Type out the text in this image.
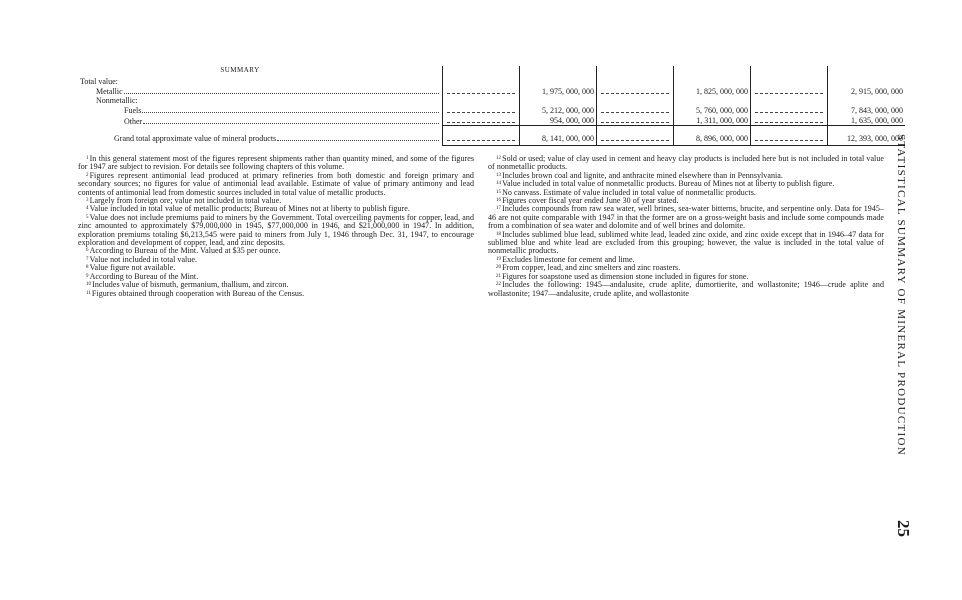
SUMMARY						

Total value:						

Metallic		1, 975, 000, 000		1, 825, 000, 000		2, 915, 000, 000
Nonmetallic:						

Fuels		5, 212, 000, 000		5, 760, 000, 000		7, 843, 000, 000

Other		954, 000, 000		1, 311, 000, 000		1, 635, 000, 000

Grand total approximate value of mineral products		8, 141, 000, 000		8, 896, 000, 000		12, 393, 000, 000

$^1$In this general statement most of the figures represent shipments rather than quantity mined, and some of the figures for 1947 are subject to revision. For details see following chapters of this volume.

$^2$Figures represent antimonial lead produced at primary refineries from both domestic and foreign primary and secondary sources; no figures for value of antimonial lead available. Estimate of value of primary antimony and lead contents of antimonial lead from domestic sources included in total value of metallic products.

$^3$Largely from foreign ore; value not included in total value.

$^4$Value included in total value of metallic products; Bureau of Mines not at liberty to publish figure.

$^5$Value does not include premiums paid to miners by the Government. Total overceiling payments for copper, lead, and zinc amounted to approximately $79,000,000 in 1945, $77,000,000 in 1946, and $21,000,000 in 1947. In addition, exploration premiums totaling $6,213,545 were paid to miners from July 1, 1946 through Dec. 31, 1947, to encourage exploration and development of copper, lead, and zinc deposits.

$^6$According to Bureau of the Mint. Valued at $35 per ounce.

$^7$Value not included in total value.

$^8$Value figure not available.

$^9$According to Bureau of the Mint.

$^{10}$Includes value of bismuth, germanium, thallium, and zircon.

$^{11}$Figures obtained through cooperation with Bureau of the Census.

$^{12}$Sold or used; value of clay used in cement and heavy clay products is included here but is not included in total value of nonmetallic products.

$^{13}$Includes brown coal and lignite, and anthracite mined elsewhere than in Pennsylvania.

$^{14}$Value included in total value of nonmetallic products. Bureau of Mines not at liberty to publish figure.

$^{15}$No canvass. Estimate of value included in total value of nonmetallic products.

$^{16}$Figures cover fiscal year ended June 30 of year stated.

$^{17}$Includes compounds from raw sea water, well brines, sea-water bitterns, brucite, and serpentine only. Data for 1945–46 are not quite comparable with 1947 in that the former are on a gross-weight basis and include some compounds made from a combination of sea water and dolomite and of well brines and dolomite.

$^{18}$Includes sublimed blue lead, sublimed white lead, leaded zinc oxide, and zinc oxide except that in 1946–47 data for sublimed blue and white lead are excluded from this grouping; however, the value is included in the total value of nonmetallic products.

$^{19}$Excludes limestone for cement and lime.

$^{20}$From copper, lead, and zinc smelters and zinc roasters.

$^{21}$Figures for soapstone used as dimension stone included in figures for stone.

$^{22}$Includes the following: 1945—andalusite, crude aplite, dumortierite, and wollastonite; 1946—crude aplite and wollastonite; 1947—andalusite, crude aplite, and wollastonite	STATISTICAL SUMMARY OF MINERAL PRODUCTION
25
